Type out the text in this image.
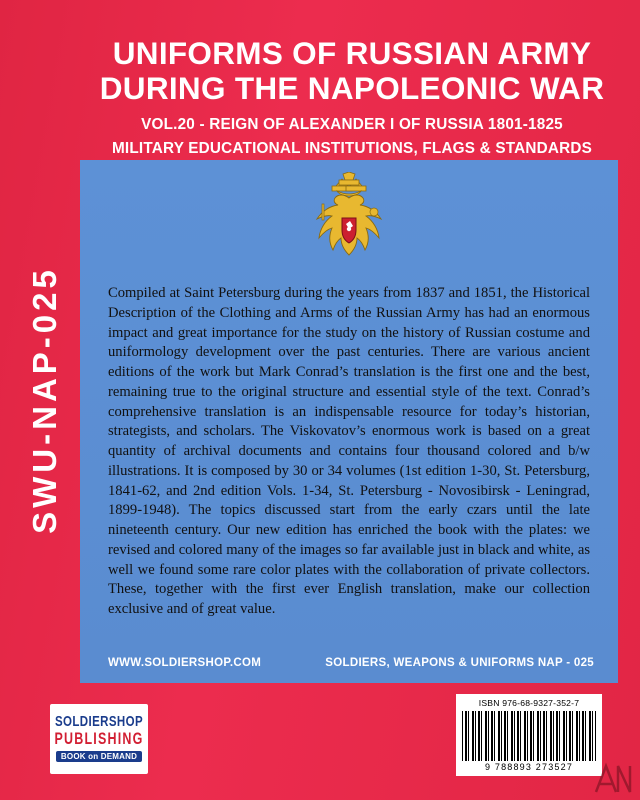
SWU-NAP-025
UNIFORMS OF RUSSIAN ARMY
DURING THE NAPOLEONIC WAR
VOL.20 - REIGN OF ALEXANDER I OF RUSSIA 1801-1825
MILITARY EDUCATIONAL INSTITUTIONS, FLAGS & STANDARDS
Compiled at Saint Petersburg during the years from 1837 and 1851, the Historical Description of the Clothing and Arms of the Russian Army has had an enormous impact and great importance for the study on the history of Russian costume and uniformology development over the past centuries. There are various ancient editions of the work but Mark Conrad’s translation is the first one and the best, remaining true to the original structure and essential style of the text. Conrad’s comprehensive translation is an indispensable resource for today’s historian, strategists, and scholars. The Viskovatov’s enormous work is based on a great quantity of archival documents and contains four thousand colored and b/w illustrations. It is composed by 30 or 34 volumes (1st edition 1-30, St. Petersburg, 1841-62, and 2nd edition Vols. 1-34, St. Petersburg - Novosibirsk - Leningrad, 1899-1948). The topics discussed start from the early czars until the late nineteenth century. Our new edition has enriched the book with the plates: we revised and colored many of the images so far available just in black and white, as well we found some rare color plates with the collaboration of private collectors. These, together with the first ever English translation, make our collection exclusive and of great value.
WWW.SOLDIERSHOP.COM	SOLDIERS, WEAPONS & UNIFORMS NAP - 025
SOLDIERSHOP
PUBLISHING
BOOK on DEMAND
ISBN 976-68-9327-352-7
9 788893 273527
